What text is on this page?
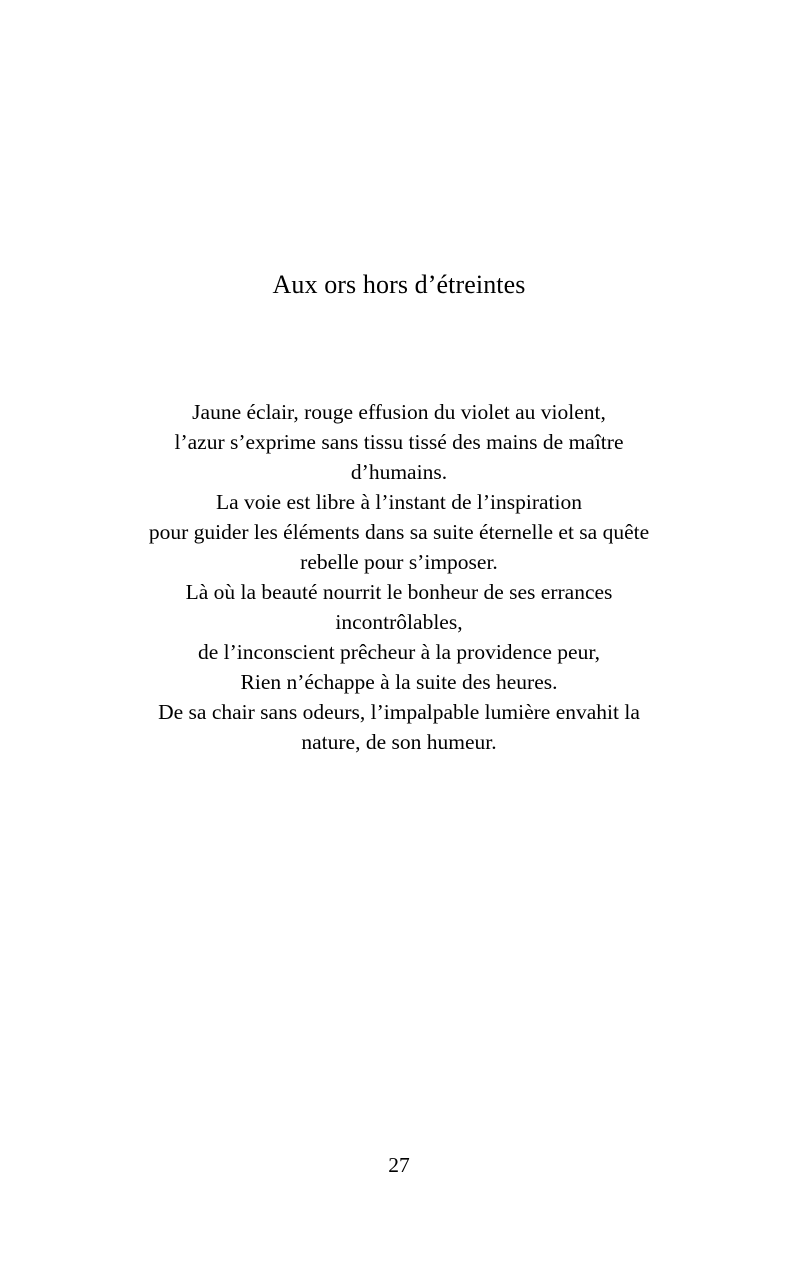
Aux ors hors d’étreintes
Jaune éclair, rouge effusion du violet au violent,
l’azur s’exprime sans tissu tissé des mains de maître
d’humains.
La voie est libre à l’instant de l’inspiration
pour guider les éléments dans sa suite éternelle et sa quête
rebelle pour s’imposer.
Là où la beauté nourrit le bonheur de ses errances
incontrôlables,
de l’inconscient prêcheur à la providence peur,
Rien n’échappe à la suite des heures.
De sa chair sans odeurs, l’impalpable lumière envahit la
nature, de son humeur.
27
